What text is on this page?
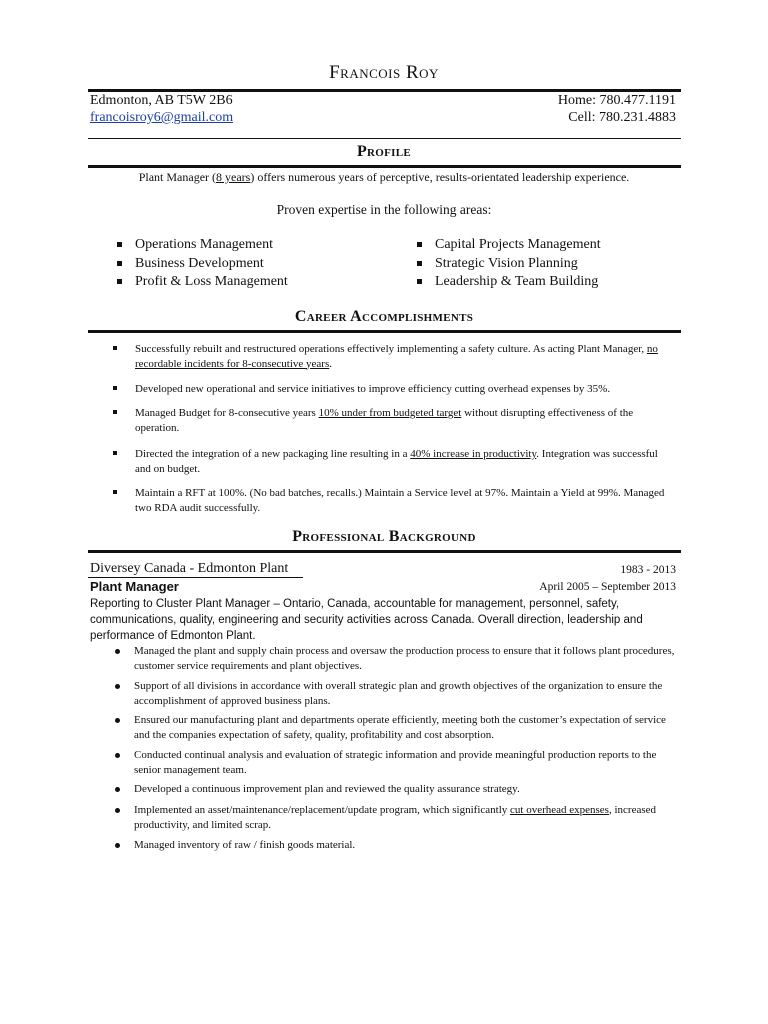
Francois Roy
Edmonton, AB T5W 2B6	Home: 780.477.1191
francoisroy6@gmail.com	Cell: 780.231.4883
Profile
Plant Manager (8 years) offers numerous years of perceptive, results-orientated leadership experience.
Proven expertise in the following areas:
Operations Management
Business Development
Profit & Loss Management
Capital Projects Management
Strategic Vision Planning
Leadership & Team Building
Career Accomplishments
Successfully rebuilt and restructured operations effectively implementing a safety culture. As acting Plant Manager, no recordable incidents for 8-consecutive years.
Developed new operational and service initiatives to improve efficiency cutting overhead expenses by 35%.
Managed Budget for 8-consecutive years 10% under from budgeted target without disrupting effectiveness of the operation.
Directed the integration of a new packaging line resulting in a 40% increase in productivity. Integration was successful and on budget.
Maintain a RFT at 100%. (No bad batches, recalls.) Maintain a Service level at 97%. Maintain a Yield at 99%. Managed two RDA audit successfully.
Professional Background
Diversey Canada - Edmonton Plant	1983 - 2013
Plant Manager	April 2005 – September 2013
Reporting to Cluster Plant Manager – Ontario, Canada, accountable for management, personnel, safety, communications, quality, engineering and security activities across Canada. Overall direction, leadership and performance of Edmonton Plant.
Managed the plant and supply chain process and oversaw the production process to ensure that it follows plant procedures, customer service requirements and plant objectives.
Support of all divisions in accordance with overall strategic plan and growth objectives of the organization to ensure the accomplishment of approved business plans.
Ensured our manufacturing plant and departments operate efficiently, meeting both the customer’s expectation of service and the companies expectation of safety, quality, profitability and cost absorption.
Conducted continual analysis and evaluation of strategic information and provide meaningful production reports to the senior management team.
Developed a continuous improvement plan and reviewed the quality assurance strategy.
Implemented an asset/maintenance/replacement/update program, which significantly cut overhead expenses, increased productivity, and limited scrap.
Managed inventory of raw / finish goods material.
